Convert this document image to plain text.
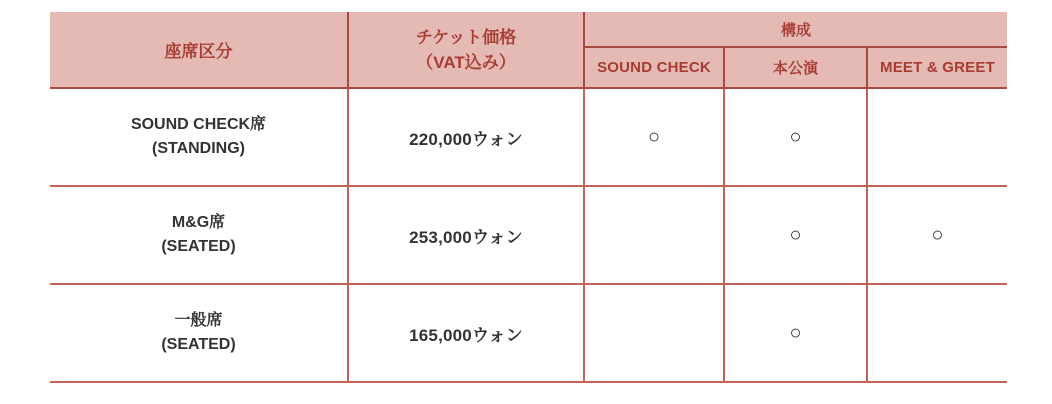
座席区分	チケット価格
（VAT込み）	構成		
		SOUND CHECK	本公演	MEET & GREET

SOUND CHECK席
(STANDING)	220,000ウォン	○	○	

M&G席
(SEATED)	253,000ウォン		○	○

一般席
(SEATED)	165,000ウォン		○	
